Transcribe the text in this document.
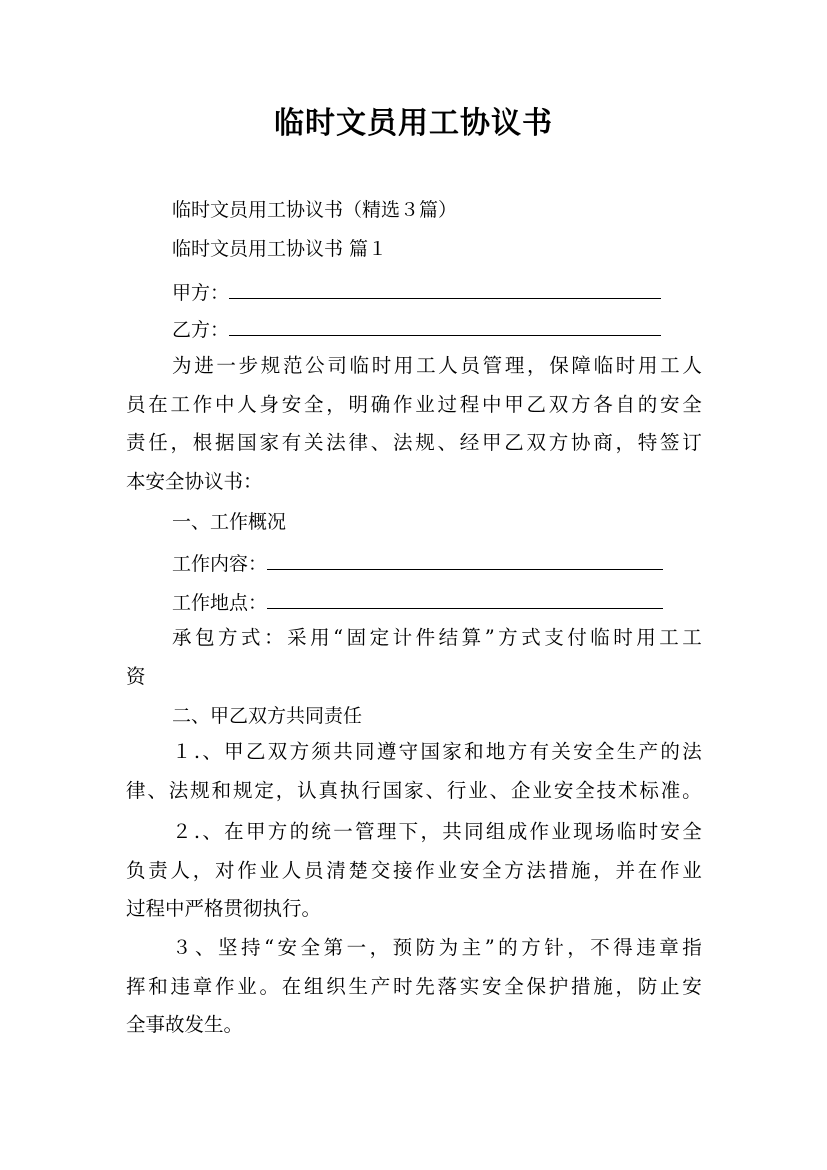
临时文员用工协议书
临时文员用工协议书（精选３篇）
临时文员用工协议书 篇１
甲方：
乙方：
为 进 一 步 规 范 公 司 临 时 用 工 人 员 管 理 ， 保 障 临 时 用 工 人
员 在 工 作 中 人 身 安 全 ， 明 确 作 业 过 程 中 甲 乙 双 方 各 自 的 安 全
责 任 ， 根 据 国 家 有 关 法 律 、 法 规 、 经 甲 乙 双 方 协 商 ， 特 签 订
本安全协议书：
一、工作概况
工作内容：
工作地点：
承 包 方 式 ： 采 用 “ 固 定 计 件 结 算 ” 方 式 支 付 临 时 用 工 工
资
二、甲乙双方共同责任
１ . 、 甲 乙 双 方 须 共 同 遵 守 国 家 和 地 方 有 关 安 全 生 产 的 法
律 、 法 规 和 规 定 ， 认 真 执 行 国 家 、 行 业 、 企 业 安 全 技 术 标 准 。
２ . 、 在 甲 方 的 统 一 管 理 下 ， 共 同 组 成 作 业 现 场 临 时 安 全
负 责 人 ， 对 作 业 人 员 清 楚 交 接 作 业 安 全 方 法 措 施 ， 并 在 作 业
过程中严格贯彻执行。
３ 、 坚 持 “ 安 全 第 一 ， 预 防 为 主 ” 的 方 针 ， 不 得 违 章 指
挥 和 违 章 作 业 。 在 组 织 生 产 时 先 落 实 安 全 保 护 措 施 ， 防 止 安
全事故发生。
